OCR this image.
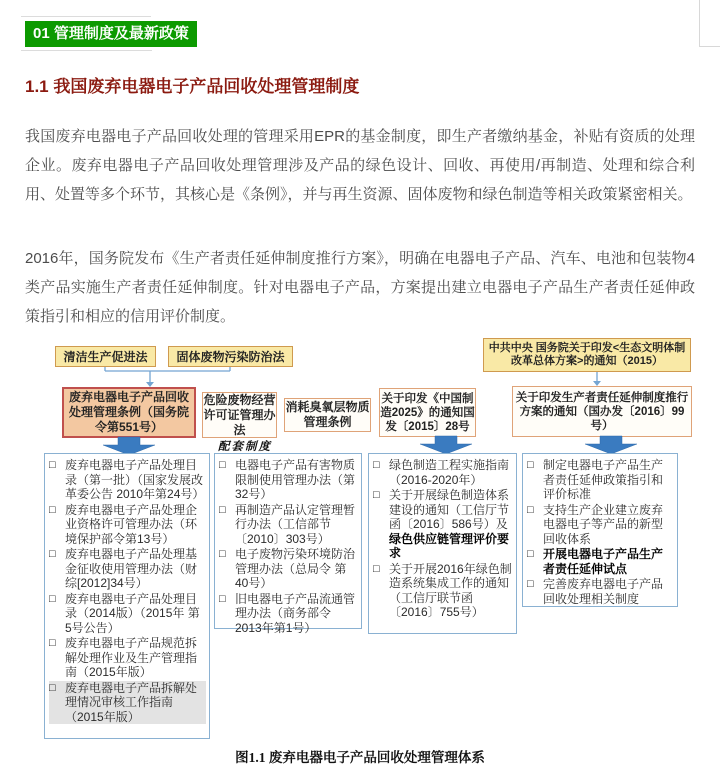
01 管理制度及最新政策
1.1 我国废弃电器电子产品回收处理管理制度

我国废弃电器电子产品回收处理的管理采用EPR的基金制度，即生产者缴纳基金，补贴有资质的处理企业。废弃电器电子产品回收处理管理涉及产品的绿色设计、回收、再使用/再制造、处理和综合利用、处置等多个环节，其核心是《条例》，并与再生资源、固体废物和绿色制造等相关政策紧密相关。

2016年，国务院发布《生产者责任延伸制度推行方案》，明确在电器电子产品、汽车、电池和包装物4类产品实施生产者责任延伸制度。针对电器电子产品，方案提出建立电器电子产品生产者责任延伸政策指引和相应的信用评价制度。

清洁生产促进法	固体废物污染防治法
中共中央 国务院关于印发<生态文明体制改革总体方案>的通知（2015）
废弃电器电子产品回收处理管理条例（国务院令第551号）
危险废物经营许可证管理办法
消耗臭氧层物质管理条例
关于印发《中国制造2025》的通知国发〔2015〕28号
关于印发生产者责任延伸制度推行方案的通知（国办发〔2016〕99号）
配套制度
□ 废弃电器电子产品处理目录（第一批）（国家发展改革委公告 2010年第24号）
□ 废弃电器电子产品处理企业资格许可管理办法（环境保护部令第13号）
□ 废弃电器电子产品处理基金征收使用管理办法（财综[2012]34号）
□ 废弃电器电子产品处理目录（2014版）（2015年 第5号公告）
□ 废弃电器电子产品规范拆解处理作业及生产管理指南（2015年版）
□ 废弃电器电子产品拆解处理情况审核工作指南（2015年版）
□ 电器电子产品有害物质限制使用管理办法（第32号）
□ 再制造产品认定管理暂行办法（工信部节〔2010〕303号）
□ 电子废物污染环境防治管理办法（总局令 第40号）
□ 旧电器电子产品流通管理办法（商务部令 2013年第1号）
□ 绿色制造工程实施指南（2016-2020年）
□ 关于开展绿色制造体系建设的通知（工信厅节函〔2016〕586号）及绿色供应链管理评价要求
□ 关于开展2016年绿色制造系统集成工作的通知（工信厅联节函〔2016〕755号）
□ 制定电器电子产品生产者责任延伸政策指引和评价标准
□ 支持生产企业建立废弃电器电子等产品的新型回收体系
□ 开展电器电子产品生产者责任延伸试点
□ 完善废弃电器电子产品回收处理相关制度
图1.1 废弃电器电子产品回收处理管理体系
